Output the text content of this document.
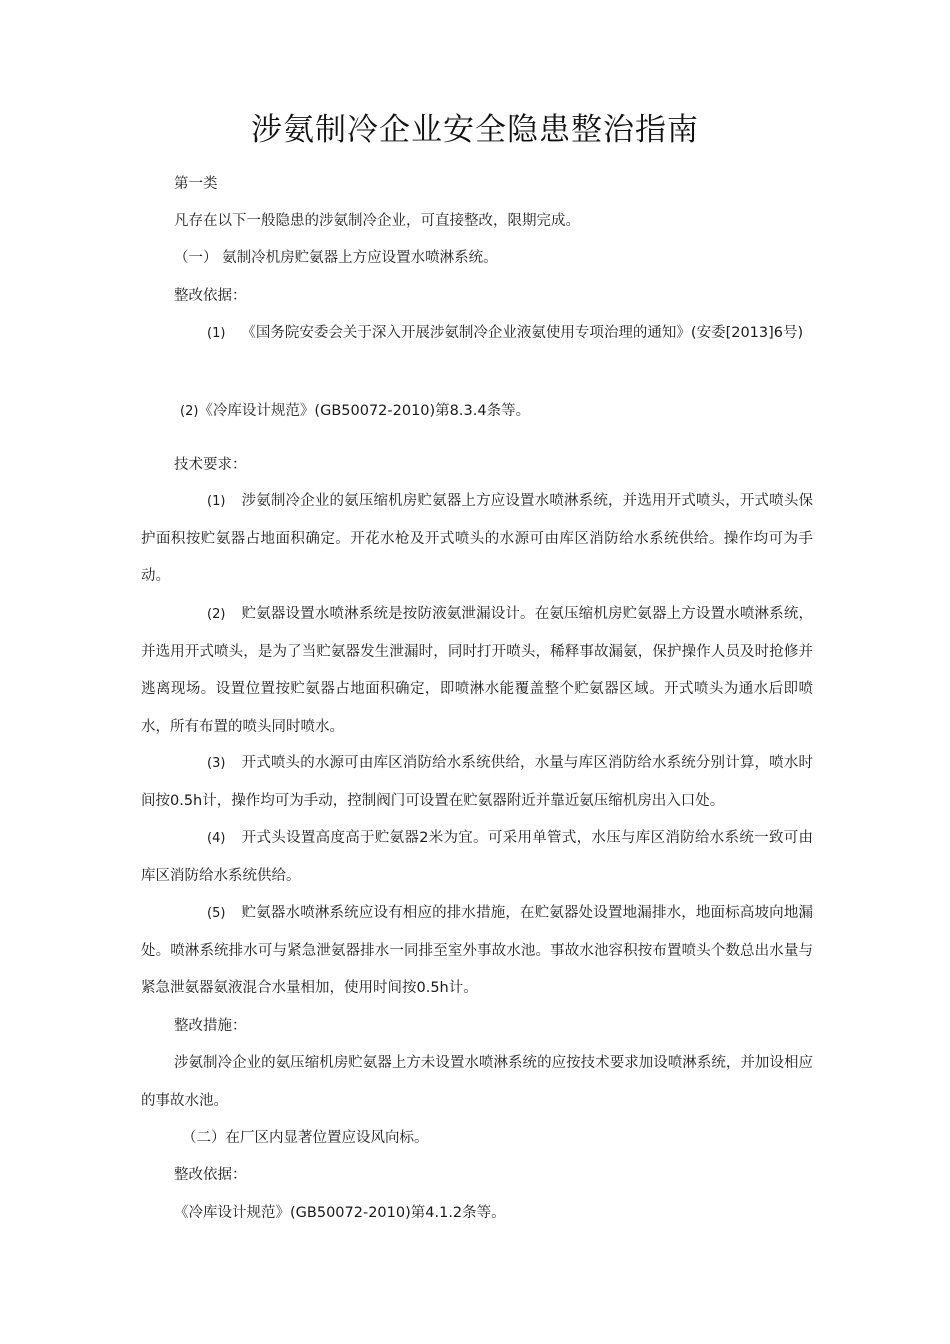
涉氨制冷企业安全隐患整治指南
第一类
凡存在以下一般隐患的涉氨制冷企业，可直接整改，限期完成。
（一） 氨制冷机房贮氨器上方应设置水喷淋系统。
整改依据：
(1) 《国务院安委会关于深入开展涉氨制冷企业液氨使用专项治理的通知》(安委[2013]6号)
(2)《冷库设计规范》(GB50072-2010)第8.3.4条等。
技术要求：
(1) 涉氨制冷企业的氨压缩机房贮氨器上方应设置水喷淋系统，并选用开式喷头，开式喷头保护面积按贮氨器占地面积确定。开花水枪及开式喷头的水源可由库区消防给水系统供给。操作均可为手动。
(2) 贮氨器设置水喷淋系统是按防液氨泄漏设计。在氨压缩机房贮氨器上方设置水喷淋系统，并选用开式喷头，是为了当贮氨器发生泄漏时，同时打开喷头，稀释事故漏氨，保护操作人员及时抢修并逃离现场。设置位置按贮氨器占地面积确定，即喷淋水能覆盖整个贮氨器区域。开式喷头为通水后即喷水，所有布置的喷头同时喷水。
(3) 开式喷头的水源可由库区消防给水系统供给，水量与库区消防给水系统分别计算，喷水时间按0.5h计，操作均可为手动，控制阀门可设置在贮氨器附近并靠近氨压缩机房出入口处。
(4) 开式头设置高度高于贮氨器2米为宜。可采用单管式，水压与库区消防给水系统一致可由库区消防给水系统供给。
(5) 贮氨器水喷淋系统应设有相应的排水措施，在贮氨器处设置地漏排水，地面标高坡向地漏处。喷淋系统排水可与紧急泄氨器排水一同排至室外事故水池。事故水池容积按布置喷头个数总出水量与紧急泄氨器氨液混合水量相加，使用时间按0.5h计。
整改措施：
涉氨制冷企业的氨压缩机房贮氨器上方未设置水喷淋系统的应按技术要求加设喷淋系统，并加设相应的事故水池。
（二）在厂区内显著位置应设风向标。
整改依据：
《冷库设计规范》(GB50072-2010)第4.1.2条等。
